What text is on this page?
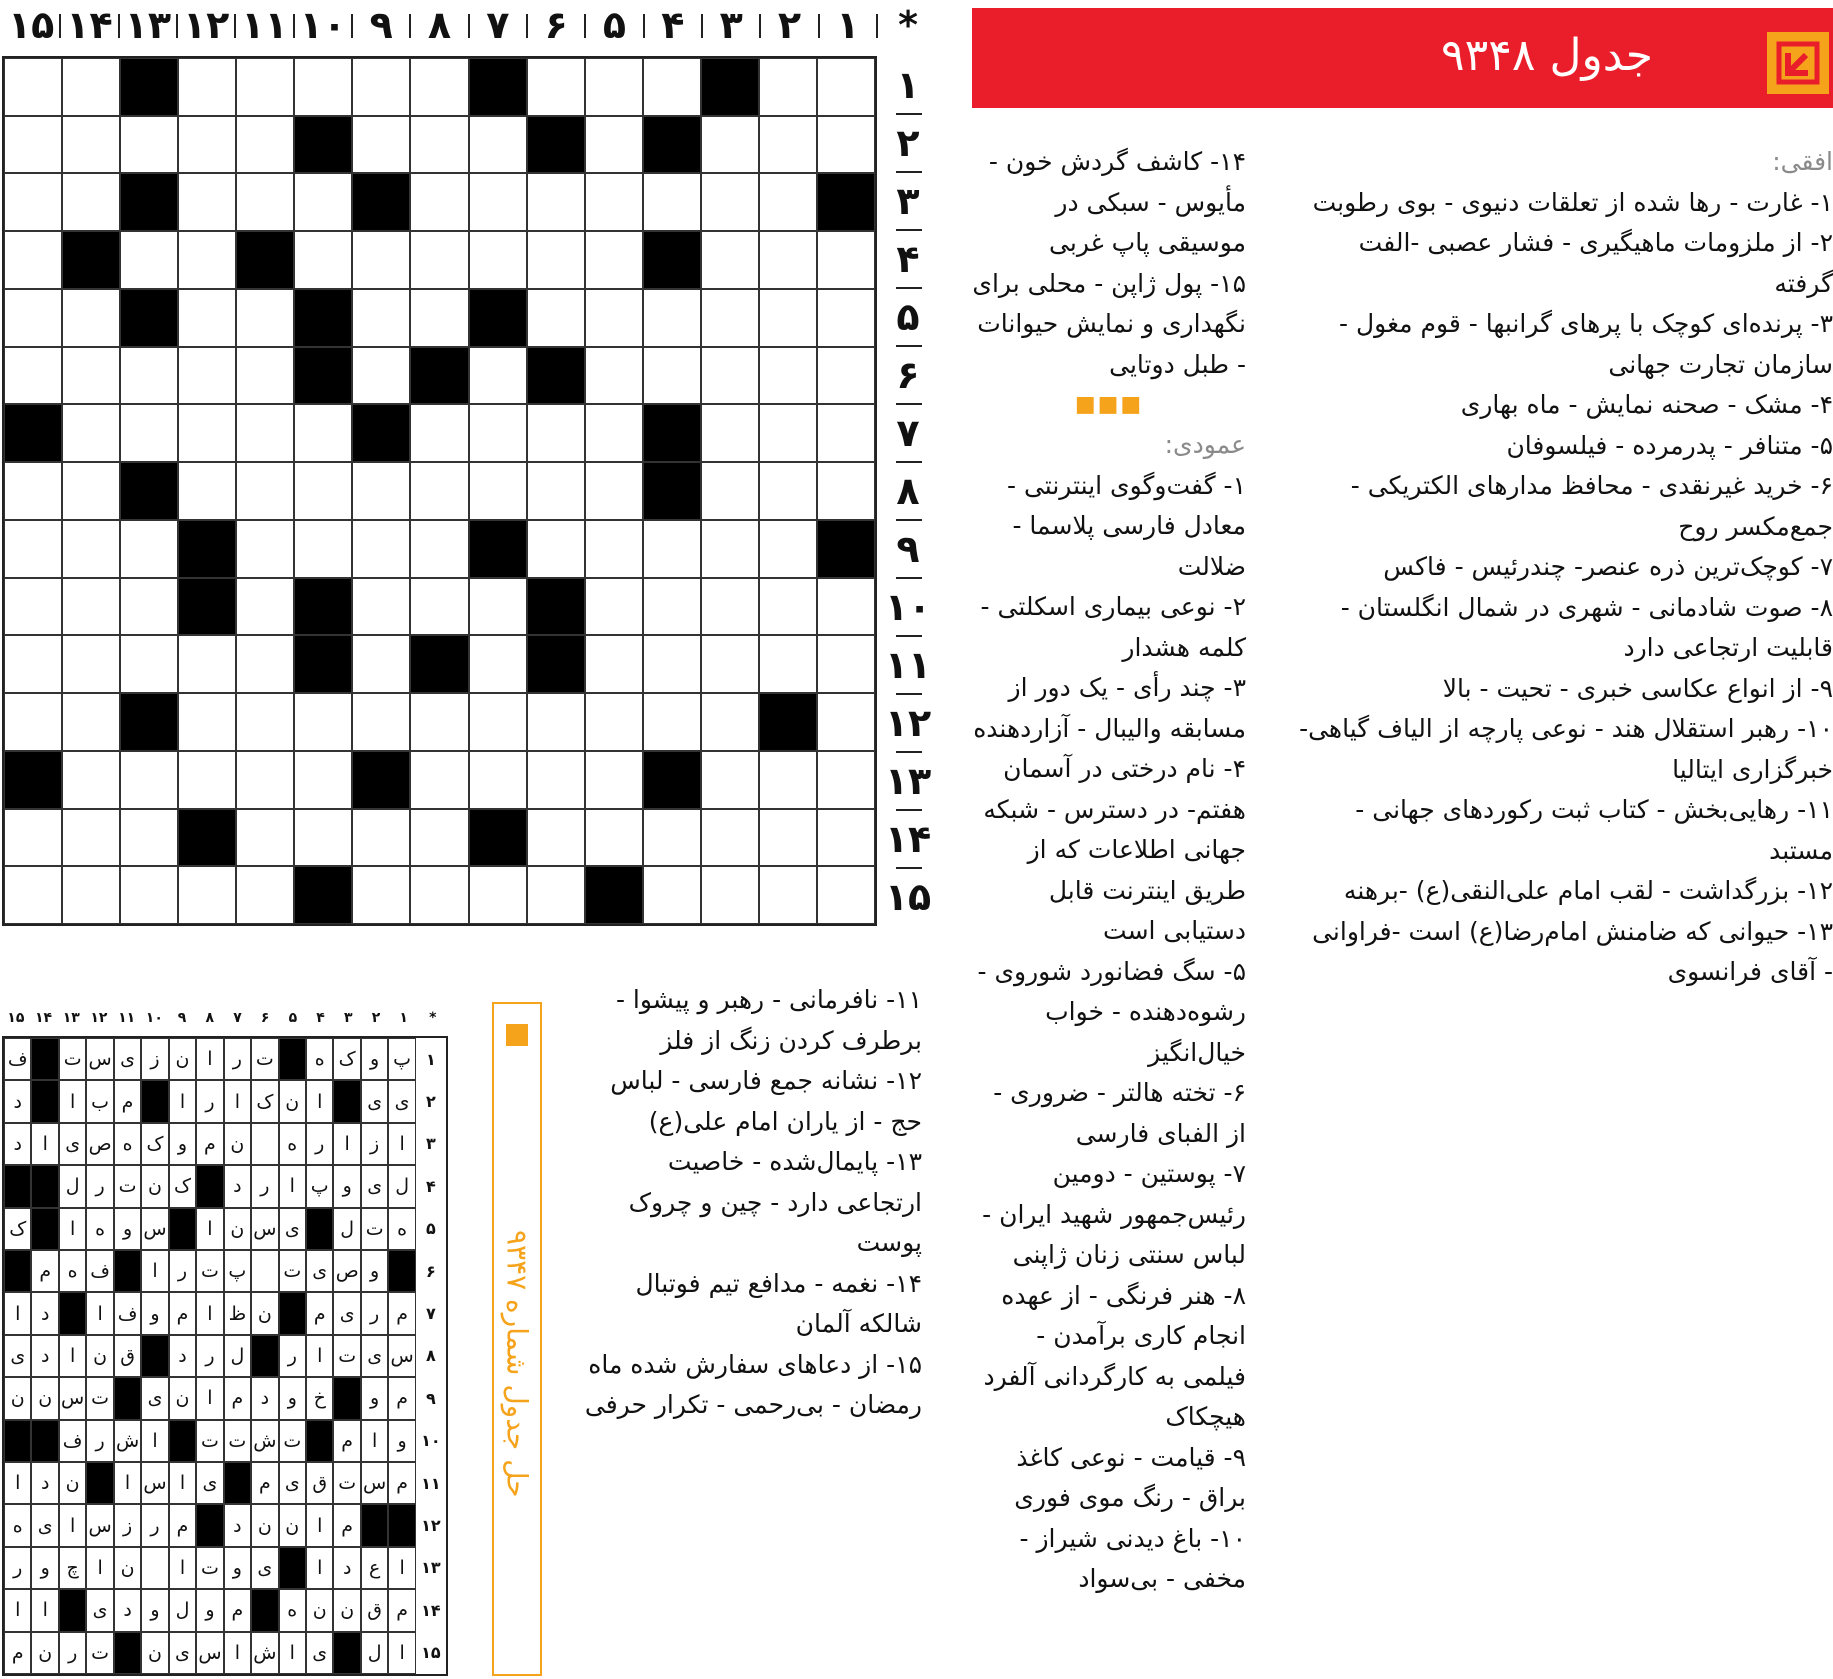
*
۱
۲
۳
۴
۵
۶
۷
۸
۹
۱۰
۱۱
۱۲
۱۳
۱۴
۱۵
جدول ۹۳۴۸

افقی:

۱- غارت - رها شده از تعلقات دنیوی - بوی رطوبت

۲- از ملزومات ماهیگیری - فشار عصبی -الفت گرفته

۳- پرنده‌ای کوچک با پرهای گرانبها - قوم مغول - سازمان تجارت جهانی

۴- مشک - صحنه نمایش - ماه بهاری

۵- متنافر - پدرمرده - فیلسوفان

۶- خرید غیرنقدی - محافظ مدارهای الکتریکی - جمع‌مکسر روح

۷- کوچک‌ترین ذره عنصر- چندرئیس - فاکس

۸- صوت شادمانی - شهری در شمال انگلستان - قابلیت ارتجاعی دارد

۹- از انواع عکاسی خبری - تحیت - بالا

۱۰- رهبر استقلال هند - نوعی پارچه از الیاف گیاهی- خبرگزاری ایتالیا

۱۱- رهایی‌بخش - کتاب ثبت رکوردهای جهانی - مستبد

۱۲- بزرگداشت - لقب امام علی‌النقی(ع) -برهنه

۱۳- حیوانی که ضامنش امام‌رضا(ع) است -فراوانی - آقای فرانسوی

۱۴- کاشف گردش خون - مأیوس - سبکی در موسیقی پاپ غربی

۱۵- پول ژاپن - محلی برای نگهداری و نمایش حیوانات - طبل دوتایی

■■■

عمودی:

۱- گفت‌وگوی اینترنتی - معادل فارسی پلاسما - ضلالت

۲- نوعی بیماری اسکلتی - کلمه هشدار

۳- چند رأی - یک دور از مسابقه والیبال - آزاردهنده

۴- نام درختی در آسمان هفتم- در دسترس - شبکه جهانی اطلاعات که از طریق اینترنت قابل دستیابی است

۵- سگ فضانورد شوروی - رشوه‌دهنده - خواب خیال‌انگیز

۶- تخته هالتر - ضروری - از الفبای فارسی

۷- پوستین - دومین رئیس‌جمهور شهید ایران - لباس سنتی زنان ژاپنی

۸- هنر فرنگی - از عهده انجام کاری برآمدن - فیلمی به کارگردانی آلفرد هیچکاک

۹- قیامت - نوعی کاغذ براق - رنگ موی فوری

۱۰- باغ دیدنی شیراز - مخفی - بی‌سواد

۱۱- نافرمانی - رهبر و پیشوا - برطرف کردن زنگ از فلز

۱۲- نشانه جمع فارسی - لباس حج - از یاران امام علی(ع)

۱۳- پایمال‌شده - خاصیت ارتجاعی دارد - چین و چروک پوست

۱۴- نغمه - مدافع تیم فوتبال شالکه آلمان

۱۵- از دعاهای سفارش شده ماه رمضان - بی‌رحمی - تکرار حرفی

حل جدول شماره ۹۳۴۷
*
۱
۲
۳
۴
۵
۶
۷
۸
۹
۱۰
۱۱
۱۲
۱۳
۱۴
۱۵
۱
پ
و
ک
ه
ت
ر
ا
ن
ز
ی
س
ت
ف
۲
ی
ی
ا
ن
ک
ا
ر
ا
م
ب
ا
د
۳
ا
ز
ا
ر
ه
ن
م
و
ک
ه
ص
ی
ا
د
۴
ل
ی
و
پ
ا
ر
د
ک
ن
ت
ر
ل
۵
ه
ت
ل
ی
س
ن
ا
س
و
ه
ا
ک
۶
و
ص
ی
ت
پ
ت
ر
ا
ف
ه
م
۷
م
ر
ی
م
ن
ظ
ا
م
و
ف
ا
د
ا
۸
س
ی
ت
ا
ر
ل
ر
د
ق
ن
ا
د
ی
۹
م
و
خ
و
د
م
ا
ن
ی
ت
س
ن
ن
۱۰
و
ا
م
ت
ش
ت
ت
ا
ش
ر
ف
۱۱
م
س
ت
ق
ی
م
ی
ا
س
ا
ن
د
ا
۱۲
م
ا
ن
ن
د
م
ر
ز
س
ا
ی
ه
۱۳
ا
ع
د
ا
ی
و
ت
ا
ن
ا
چ
و
ر
۱۴
م
ق
ن
ن
ه
م
و
ل
و
د
ی
ا
ا
۱۵
ا
ل
ی
ا
ش
ا
س
ی
ن
ت
ر
ن
م
۱
۲
۳
۴
۵
۶
۷
۸
۹
۱۰
۱۱
۱۲
۱۳
۱۴
۱۵
